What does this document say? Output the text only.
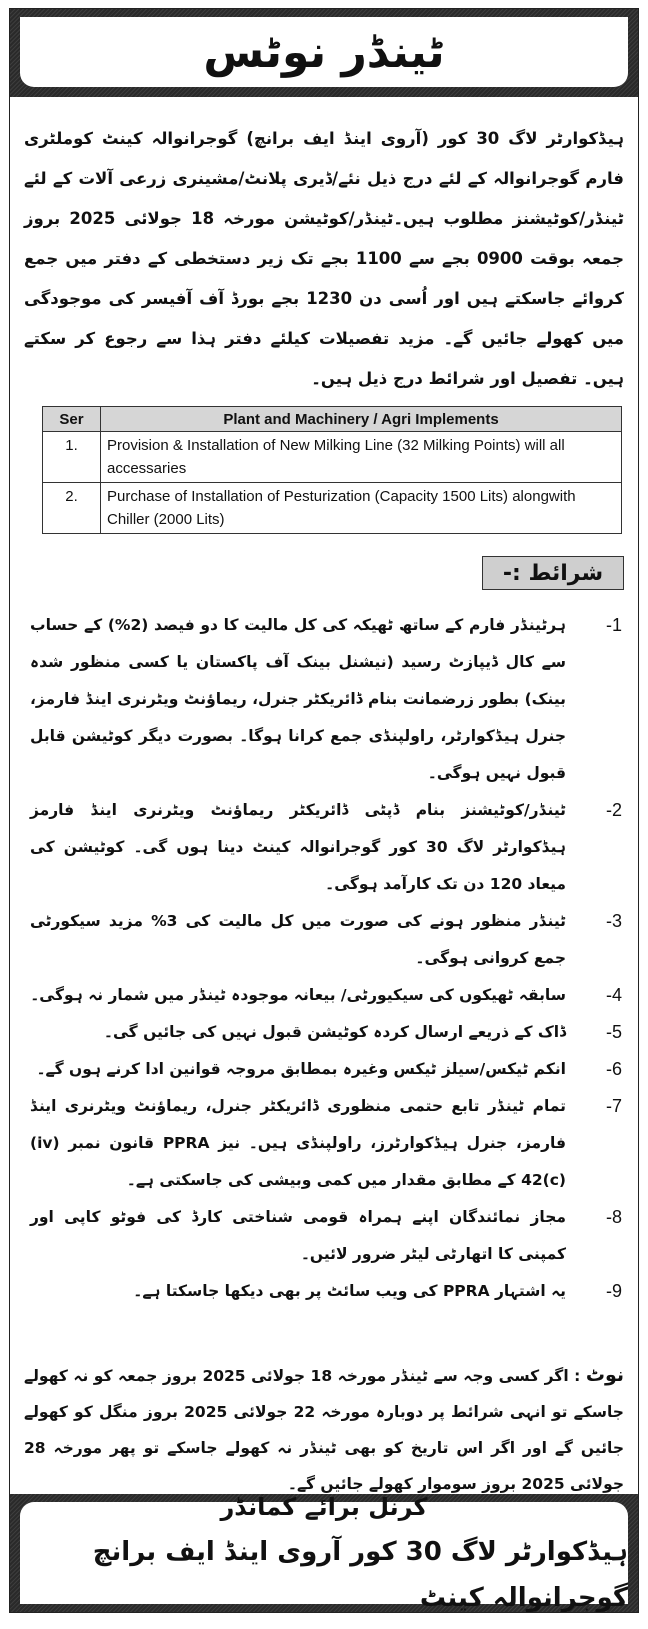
ٹینڈر نوٹس
ہیڈکوارٹر لاگ 30 کور (آروی اینڈ ایف برانچ) گوجرانوالہ کینٹ کوملٹری فارم گوجرانوالہ کے لئے درج ذیل نئے/ڈیری پلانٹ/مشینری زرعی آلات کے لئے ٹینڈر/کوٹیشنز مطلوب ہیں۔ٹینڈر/کوٹیشن مورخہ 18 جولائی 2025 بروز جمعہ بوقت 0900 بجے سے 1100 بجے تک زیر دستخطی کے دفتر میں جمع کروائے جاسکتے ہیں اور اُسی دن 1230 بجے بورڈ آف آفیسر کی موجودگی میں کھولے جائیں گے۔ مزید تفصیلات کیلئے دفتر ہذا سے رجوع کر سکتے ہیں۔ تفصیل اور شرائط درج ذیل ہیں۔
Ser	Plant and Machinery / Agri Implements
1.	Provision & Installation of New Milking Line (32 Milking Points) will all accessaries
2.	Purchase of Installation of Pesturization (Capacity 1500 Lits) alongwith Chiller (2000 Lits)
شرائط :-
-1
ہرٹینڈر فارم کے ساتھ ٹھیکہ کی کل مالیت کا دو فیصد (2%) کے حساب سے کال ڈیپازٹ رسید (نیشنل بینک آف پاکستان یا کسی منظور شدہ بینک) بطور زرضمانت بنام ڈائریکٹر جنرل، ریماؤنٹ ویٹرنری اینڈ فارمز، جنرل ہیڈکوارٹر، راولپنڈی جمع کرانا ہوگا۔ بصورت دیگر کوٹیشن قابل قبول نہیں ہوگی۔
-2
ٹینڈر/کوٹیشنز بنام ڈپٹی ڈائریکٹر ریماؤنٹ ویٹرنری اینڈ فارمز ہیڈکوارٹر لاگ 30 کور گوجرانوالہ کینٹ دینا ہوں گی۔ کوٹیشن کی میعاد 120 دن تک کارآمد ہوگی۔
-3
ٹینڈر منظور ہونے کی صورت میں کل مالیت کی 3% مزید سیکورٹی جمع کروانی ہوگی۔
-4
سابقہ ٹھیکوں کی سیکیورٹی/ بیعانہ موجودہ ٹینڈر میں شمار نہ ہوگی۔
-5
ڈاک کے ذریعے ارسال کردہ کوٹیشن قبول نہیں کی جائیں گی۔
-6
انکم ٹیکس/سیلز ٹیکس وغیرہ بمطابق مروجہ قوانین ادا کرنے ہوں گے۔
-7
تمام ٹینڈر تابع حتمی منظوری ڈائریکٹر جنرل، ریماؤنٹ ویٹرنری اینڈ فارمز، جنرل ہیڈکوارٹرز، راولپنڈی ہیں۔ نیز PPRA قانون نمبر (iv) 42(c) کے مطابق مقدار میں کمی وبیشی کی جاسکتی ہے۔
-8
مجاز نمائندگان اپنے ہمراہ قومی شناختی کارڈ کی فوٹو کاپی اور کمپنی کا اتھارٹی لیٹر ضرور لائیں۔
-9
یہ اشتہار PPRA کی ویب سائٹ پر بھی دیکھا جاسکتا ہے۔
نوٹ : اگر کسی وجہ سے ٹینڈر مورخہ 18 جولائی 2025 بروز جمعہ کو نہ کھولے جاسکے تو انہی شرائط پر دوبارہ مورخہ 22 جولائی 2025 بروز منگل کو کھولے جائیں گے اور اگر اس تاریخ کو بھی ٹینڈر نہ کھولے جاسکے تو پھر مورخہ 28 جولائی 2025 بروز سوموار کھولے جائیں گے۔
کرنل برائے کمانڈر
ہیڈکوارٹر لاگ 30 کور آروی اینڈ ایف برانچ گوجرانوالہ کینٹ
